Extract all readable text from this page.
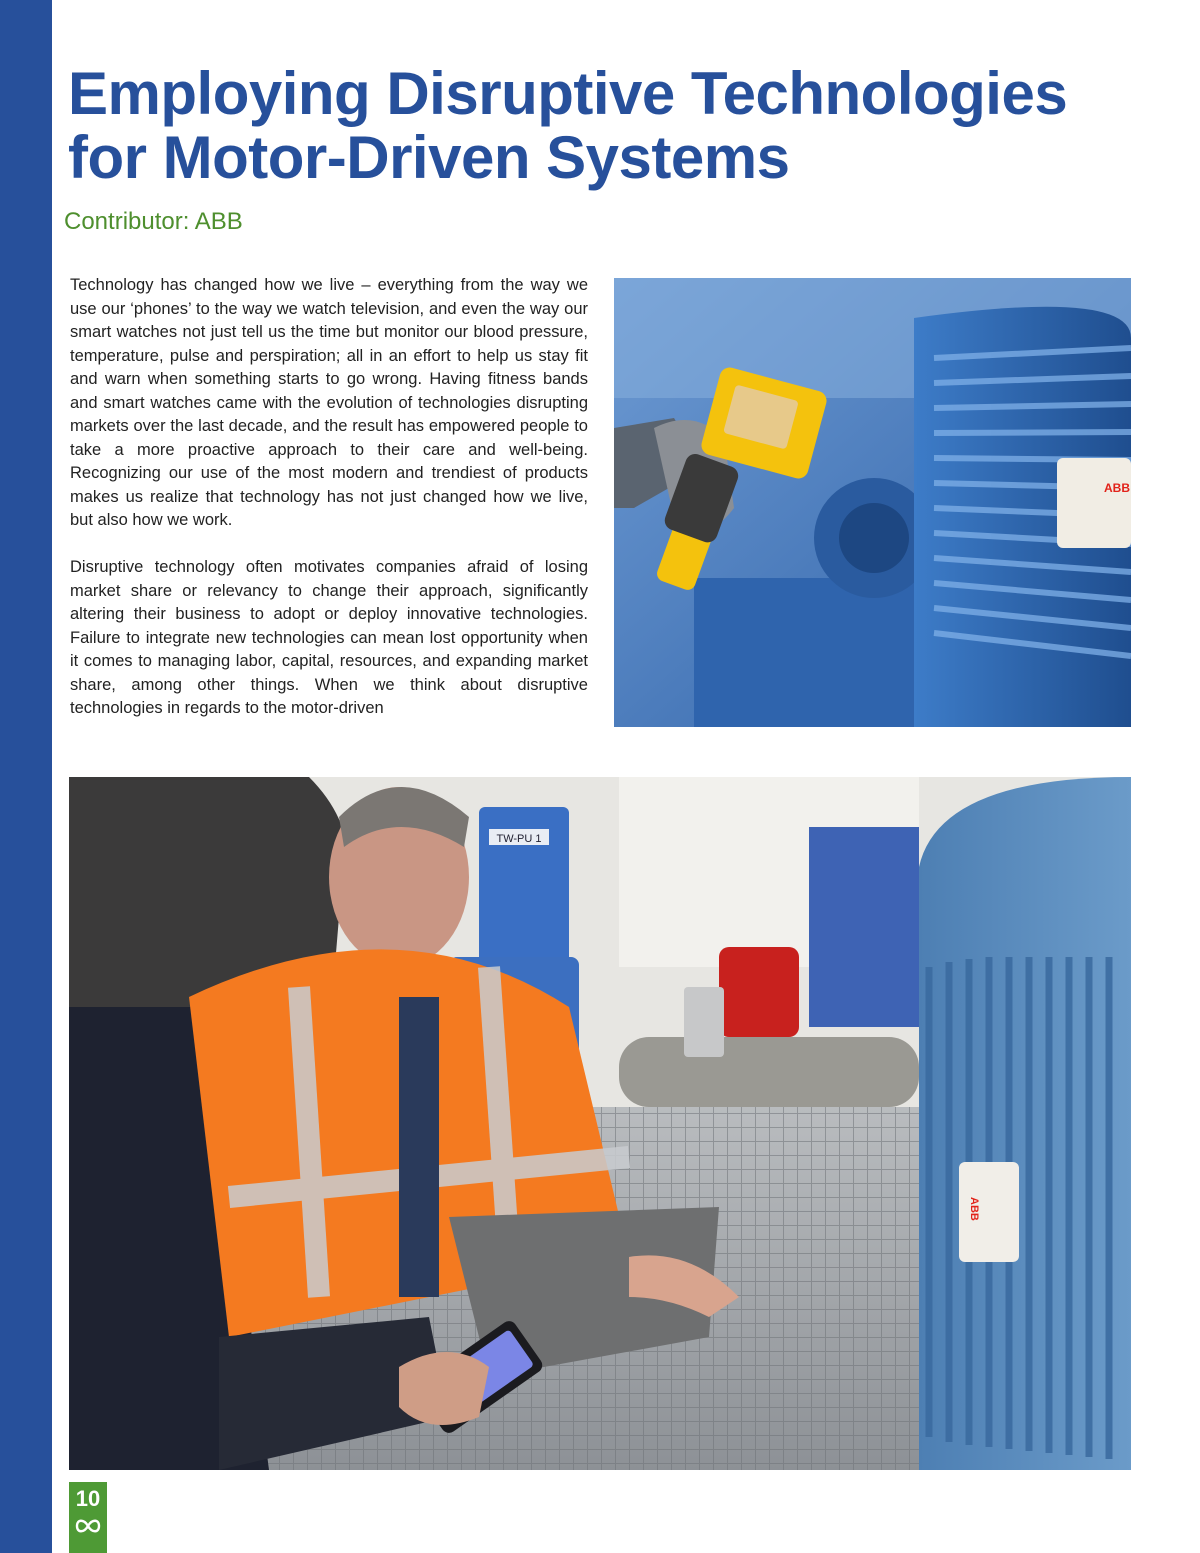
Employing Disruptive Technologies
for Motor-Driven Systems

Contributor: ABB

Technology has changed how we live – everything from the way we use our ‘phones’ to the way we watch television, and even the way our smart watches not just tell us the time but monitor our blood pressure, temperature, pulse and perspiration; all in an effort to help us stay fit and warn when something starts to go wrong. Having fitness bands and smart watches came with the evolution of technologies disrupting markets over the last decade, and the result has empowered people to take a more proactive approach to their care and well-being. Recognizing our use of the most modern and trendiest of products makes us realize that technology has not just changed how we live, but also how we work.

Disruptive technology often motivates companies afraid of losing market share or relevancy to change their approach, significantly altering their business to adopt or deploy innovative technologies. Failure to integrate new technologies can mean lost opportunity when it comes to managing labor, capital, resources, and expanding market share, among other things. When we think about disruptive technologies in regards to the motor-driven

ABB
TW-PU 1
ABB
10
